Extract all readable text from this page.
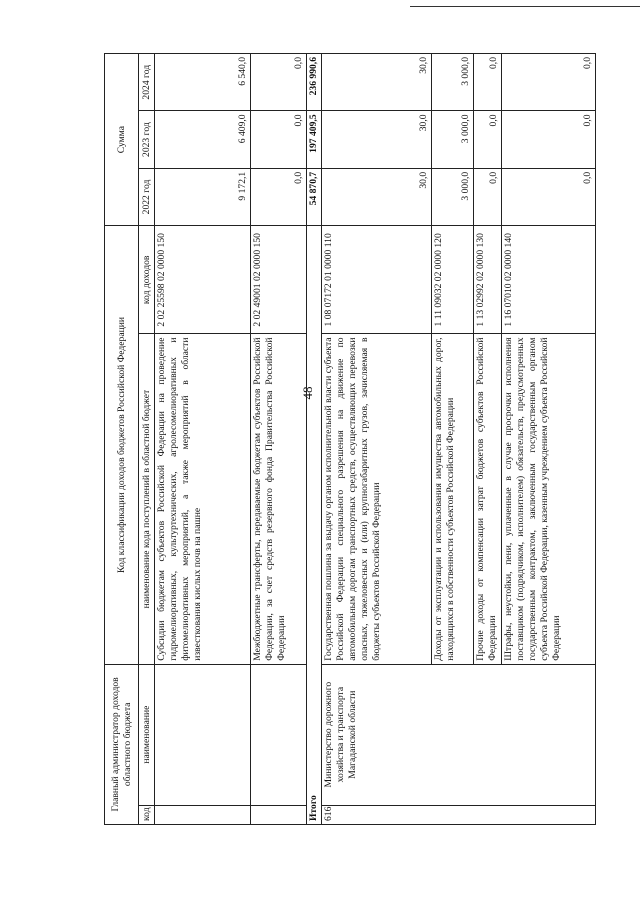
48
Главный администратор доходов областного бюджета		Код классификации доходов бюджетов Российской Федерации		Сумма		
код	наименование	наименование кода поступлений в областной бюджет	код доходов	2022 год	2023 год	2024 год
		Субсидии бюджетам субъектов Российской Федерации на проведение гидромелиоративных, культуртехнических, агролесомелиоративных и фитомелиоративных мероприятий, а также мероприятий в области известкования кислых почв на пашне	2 02 25598 02 0000 150	9 172,1	6 409,0	6 540,0
		Межбюджетные трансферты, передаваемые бюджетам субъектов Российской Федерации, за счет средств резервного фонда Правительства Российской Федерации	2 02 49001 02 0000 150	0,0	0,0	0,0
Итого				54 870,7	197 409,5	236 990,6
616	Министерство дорожного хозяйства и транспорта Магаданской области	Государственная пошлина за выдачу органом исполнительной власти субъекта Российской Федерации специального разрешения на движение по автомобильным дорогам транспортных средств, осуществляющих перевозки опасных, тяжеловесных и (или) крупногабаритных грузов, зачисляемая в бюджеты субъектов Российской Федерации	1 08 07172 01 0000 110	30,0	30,0	30,0
		Доходы от эксплуатации и использования имущества автомобильных дорог, находящихся в собственности субъектов Российской Федерации	1 11 09032 02 0000 120	3 000,0	3 000,0	3 000,0
		Прочие доходы от компенсации затрат бюджетов субъектов Российской Федерации	1 13 02992 02 0000 130	0,0	0,0	0,0
		Штрафы, неустойки, пени, уплаченные в случае просрочки исполнения поставщиком (подрядчиком, исполнителем) обязательств, предусмотренных государственным контрактом, заключенным государственным органом субъекта Российской Федерации, казенным учреждением субъекта Российской Федерации	1 16 07010 02 0000 140	0,0	0,0	0,0
